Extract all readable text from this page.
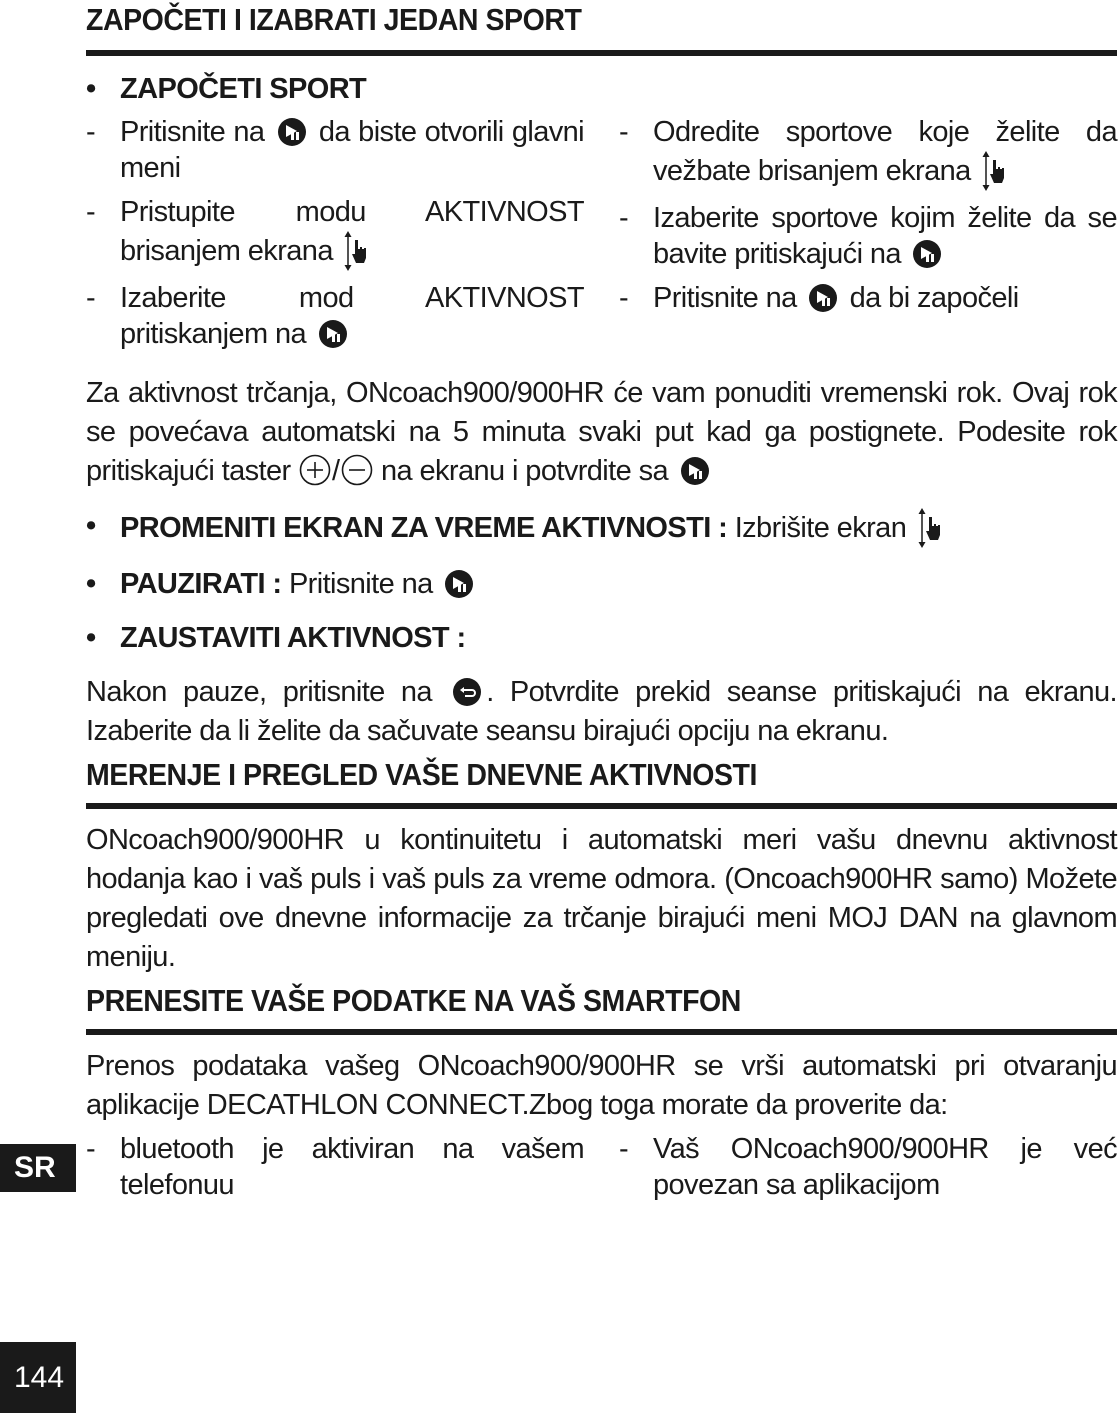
ZAPOČETI I IZABRATI JEDAN SPORT
• ZAPOČETI SPORT
- Pritisnite na da biste otvorili glavni meni
- Pristupite modu AKTIVNOST brisanjem ekrana
- Izaberite mod AKTIVNOST pritiskanjem na
- Odredite sportove koje želite da vežbate brisanjem ekrana
- Izaberite sportove kojim želite da se bavite pritiskajući na
- Pritisnite na da bi započeli

Za aktivnost trčanja, ONcoach900/900HR će vam ponuditi vremenski rok. Ovaj rok se povećava automatski na 5 minuta svaki put kad ga postignete. Podesite rok pritiskajući taster / na ekranu i potvrdite sa

• PROMENITI EKRAN ZA VREME AKTIVNOSTI : Izbrišite ekran
• PAUZIRATI : Pritisnite na
• ZAUSTAVITI AKTIVNOST :

Nakon pauze, pritisnite na . Potvrdite prekid seanse pritiskajući na ekranu. Izaberite da li želite da sačuvate seansu birajući opciju na ekranu.

MERENJE I PREGLED VAŠE DNEVNE AKTIVNOSTI

ONcoach900/900HR u kontinuitetu i automatski meri vašu dnevnu aktivnost hodanja kao i vaš puls i vaš puls za vreme odmora. (Oncoach900HR samo) Možete pregledati ove dnevne informacije za trčanje birajući meni MOJ DAN na glavnom meniju.

PRENESITE VAŠE PODATKE NA VAŠ SMARTFON

Prenos podataka vašeg ONcoach900/900HR se vrši automatski pri otvaranju aplikacije DECATHLON CONNECT.Zbog toga morate da proverite da:

- bluetooth je aktiviran na vašem telefonuu
- Vaš ONcoach900/900HR je već povezan sa aplikacijom
SR
144
